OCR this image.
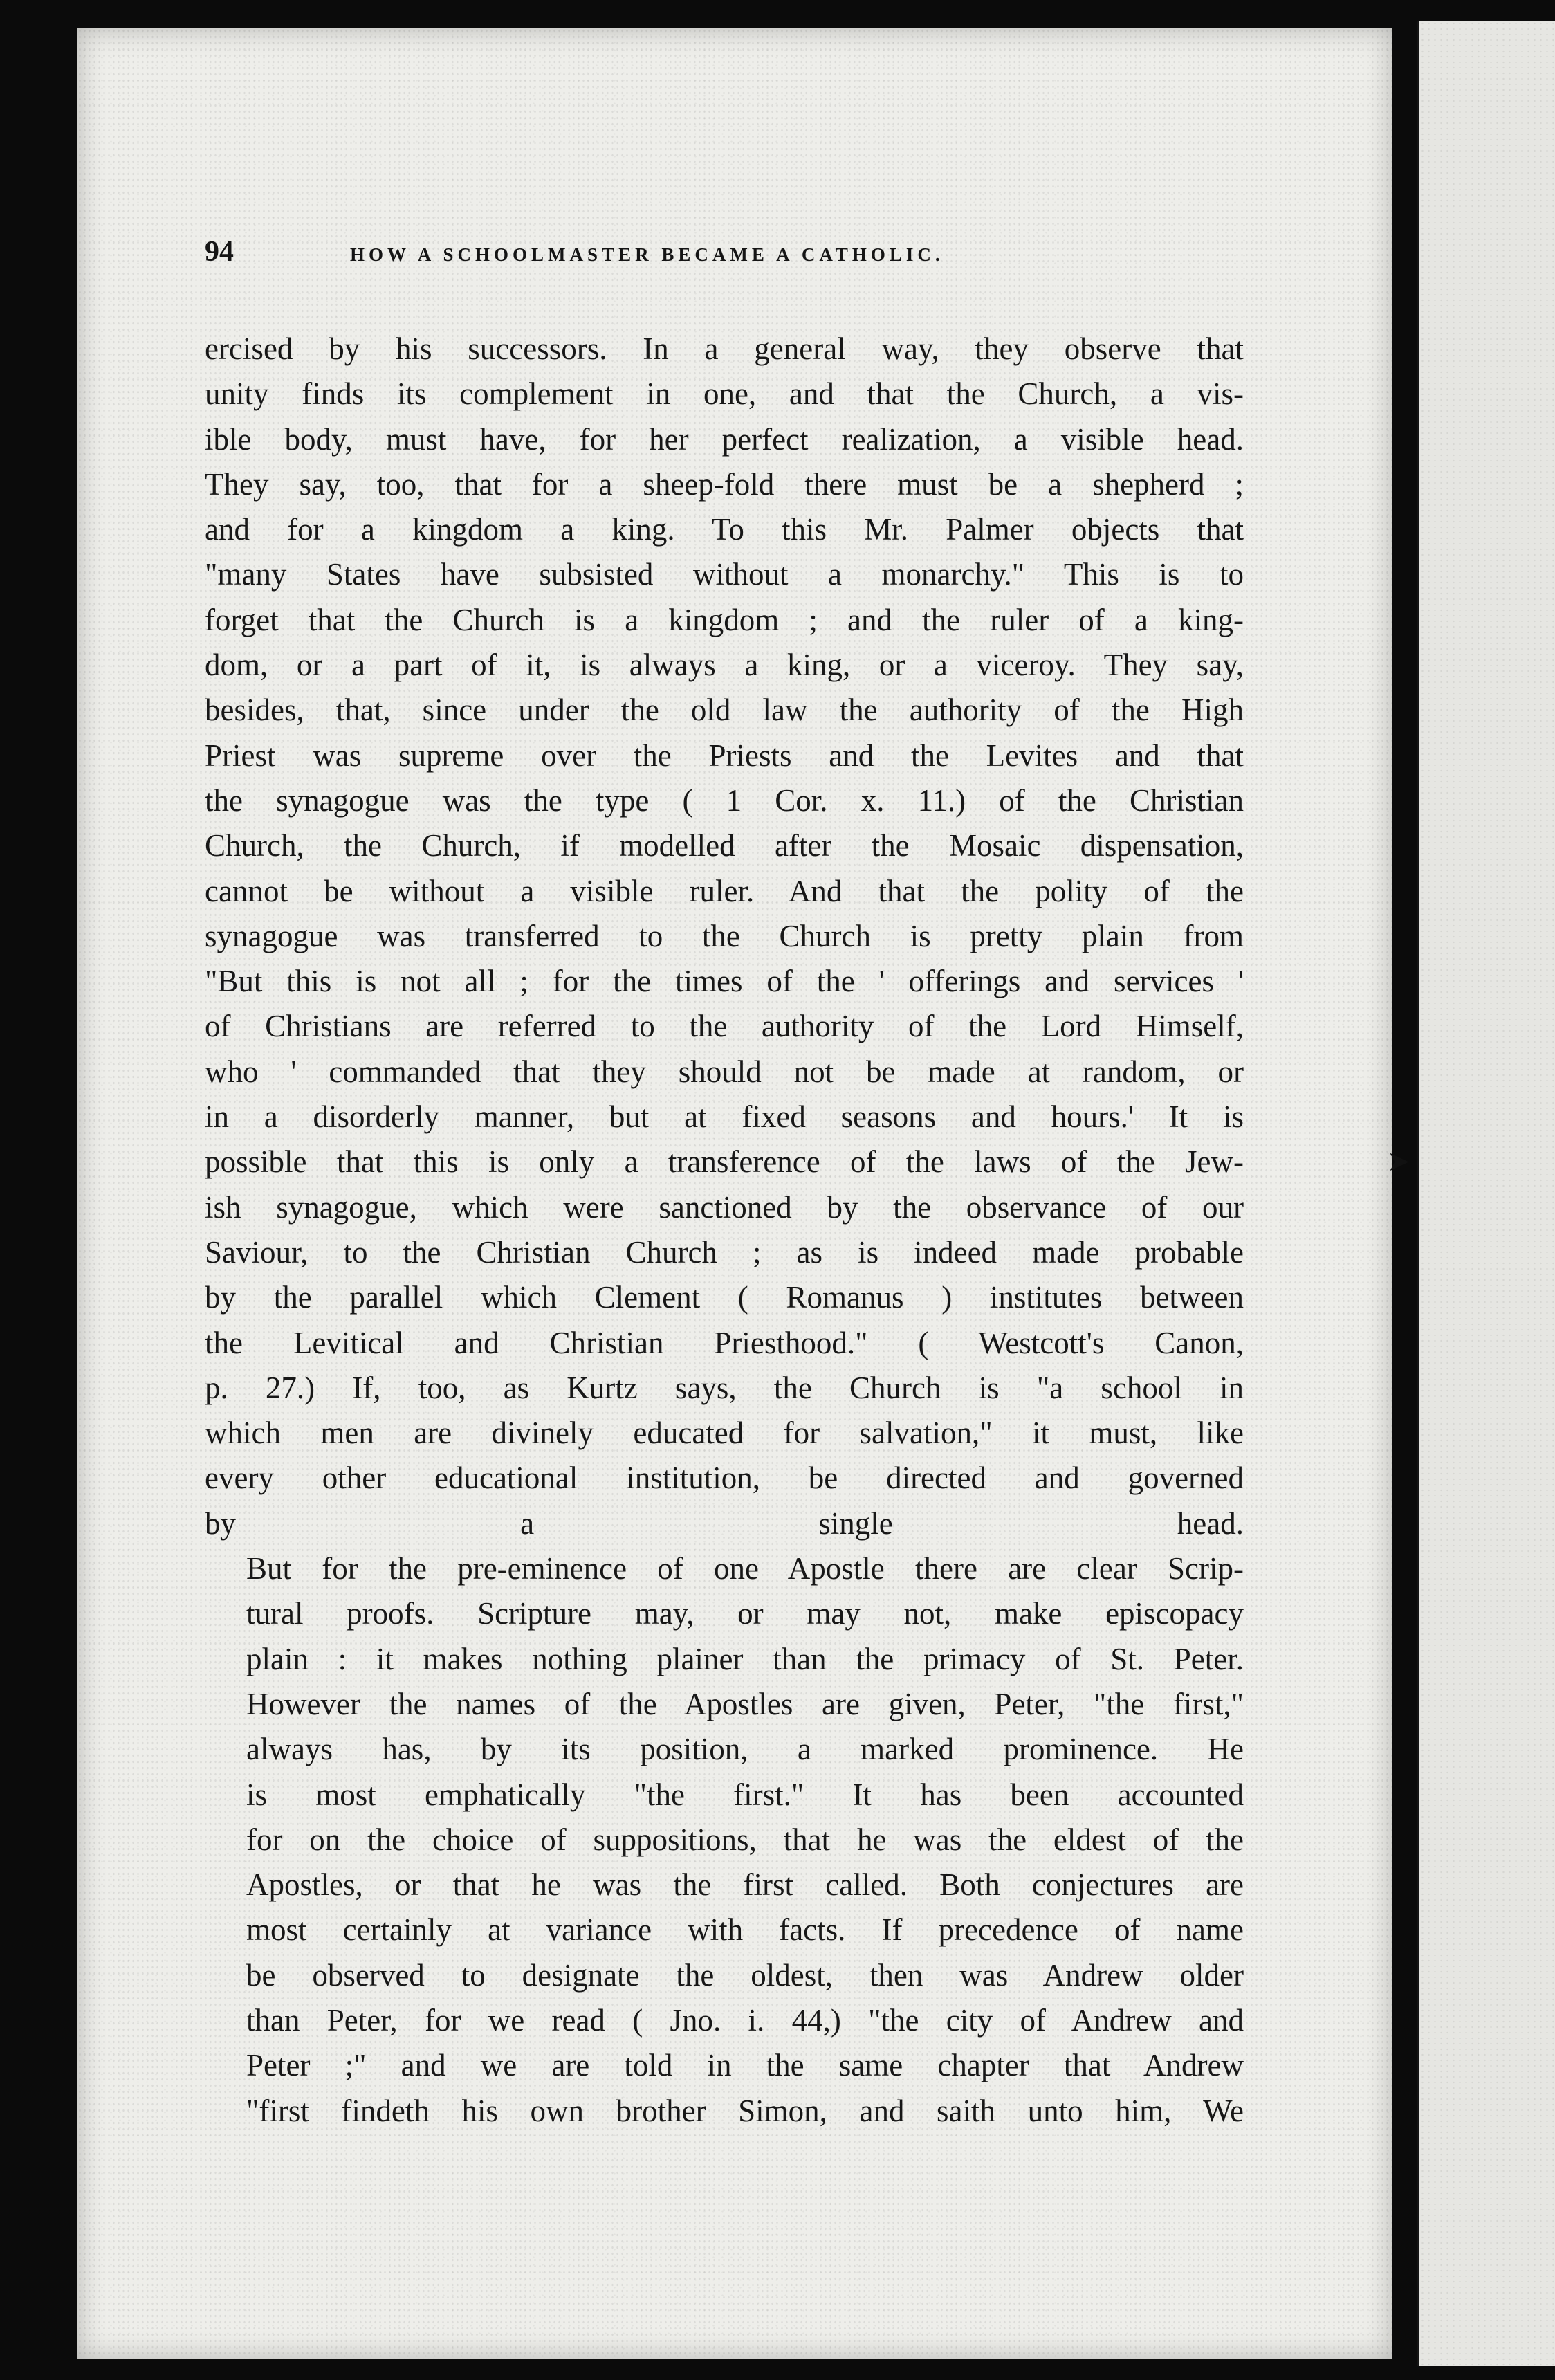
94	HOW A SCHOOLMASTER BECAME A CATHOLIC.
ercised by his successors. In a general way, they observe that
unity finds its complement in one, and that the Church, a vis-
ible body, must have, for her perfect realization, a visible head.
They say, too, that for a sheep-fold there must be a shepherd ;
and for a kingdom a king. To this Mr. Palmer objects that
"many States have subsisted without a monarchy." This is to
forget that the Church is a kingdom ; and the ruler of a king-
dom, or a part of it, is always a king, or a viceroy. They say,
besides, that, since under the old law the authority of the High
Priest was supreme over the Priests and the Levites and that
the synagogue was the type ( 1 Cor. x. 11.) of the Christian
Church, the Church, if modelled after the Mosaic dispensation,
cannot be without a visible ruler. And that the polity of the
synagogue was transferred to the Church is pretty plain from
"But this is not all ; for the times of the ' offerings and services '
of Christians are referred to the authority of the Lord Himself,
who ' commanded that they should not be made at random, or
in a disorderly manner, but at fixed seasons and hours.' It is
possible that this is only a transference of the laws of the Jew-
ish synagogue, which were sanctioned by the observance of our
Saviour, to the Christian Church ; as is indeed made probable
by the parallel which Clement ( Romanus ) institutes between
the Levitical and Christian Priesthood." ( Westcott's Canon,
p. 27.) If, too, as Kurtz says, the Church is "a school in
which men are divinely educated for salvation," it must, like
every other educational institution, be directed and governed
by a single head.
But for the pre-eminence of one Apostle there are clear Scrip-
tural proofs. Scripture may, or may not, make episcopacy
plain : it makes nothing plainer than the primacy of St. Peter.
However the names of the Apostles are given, Peter, "the first,"
always has, by its position, a marked prominence. He
is most emphatically "the first." It has been accounted
for on the choice of suppositions, that he was the eldest of the
Apostles, or that he was the first called. Both conjectures are
most certainly at variance with facts. If precedence of name
be observed to designate the oldest, then was Andrew older
than Peter, for we read ( Jno. i. 44,) "the city of Andrew and
Peter ;" and we are told in the same chapter that Andrew
"first findeth his own brother Simon, and saith unto him, We
➤
